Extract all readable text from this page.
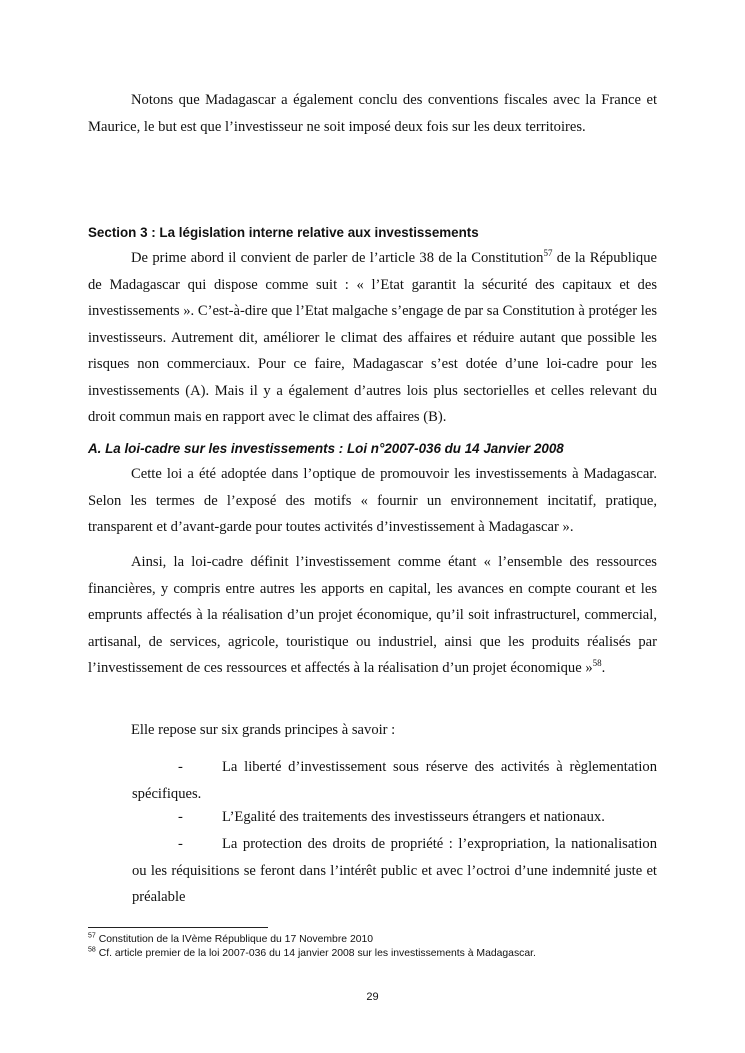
Notons que Madagascar a également conclu des conventions fiscales avec la France et Maurice, le but est que l’investisseur ne soit imposé deux fois sur les deux territoires.

Section 3 : La législation interne relative aux investissements

De prime abord il convient de parler de l’article 38 de la Constitution$^{57}$ de la République de Madagascar qui dispose comme suit : « l’Etat garantit la sécurité des capitaux et des investissements ». C’est-à-dire que l’Etat malgache s’engage de par sa Constitution à protéger les investisseurs. Autrement dit, améliorer le climat des affaires et réduire autant que possible les risques non commerciaux. Pour ce faire, Madagascar s’est dotée d’une loi-cadre pour les investissements (A). Mais il y a également d’autres lois plus sectorielles et celles relevant du droit commun mais en rapport avec le climat des affaires (B).

A. La loi-cadre sur les investissements : Loi n°2007-036 du 14 Janvier 2008

Cette loi a été adoptée dans l’optique de promouvoir les investissements à Madagascar. Selon les termes de l’exposé des motifs « fournir un environnement incitatif, pratique, transparent et d’avant-garde pour toutes activités d’investissement à Madagascar ».

Ainsi, la loi-cadre définit l’investissement comme étant « l’ensemble des ressources financières, y compris entre autres les apports en capital, les avances en compte courant et les emprunts affectés à la réalisation d’un projet économique, qu’il soit infrastructurel, commercial, artisanal, de services, agricole, touristique ou industriel, ainsi que les produits réalisés par l’investissement de ces ressources et affectés à la réalisation d’un projet économique »$^{58}$.

Elle repose sur six grands principes à savoir :

-	La liberté d’investissement sous réserve des activités à règlementation spécifiques.

-	L’Egalité des traitements des investisseurs étrangers et nationaux.

-	La protection des droits de propriété : l’expropriation, la nationalisation ou les réquisitions se feront dans l’intérêt public et avec l’octroi d’une indemnité juste et préalable

$^{57}$ Constitution de la IVème République du 17 Novembre 2010

$^{58}$ Cf. article premier de la loi 2007-036 du 14 janvier 2008 sur les investissements à Madagascar.

29
